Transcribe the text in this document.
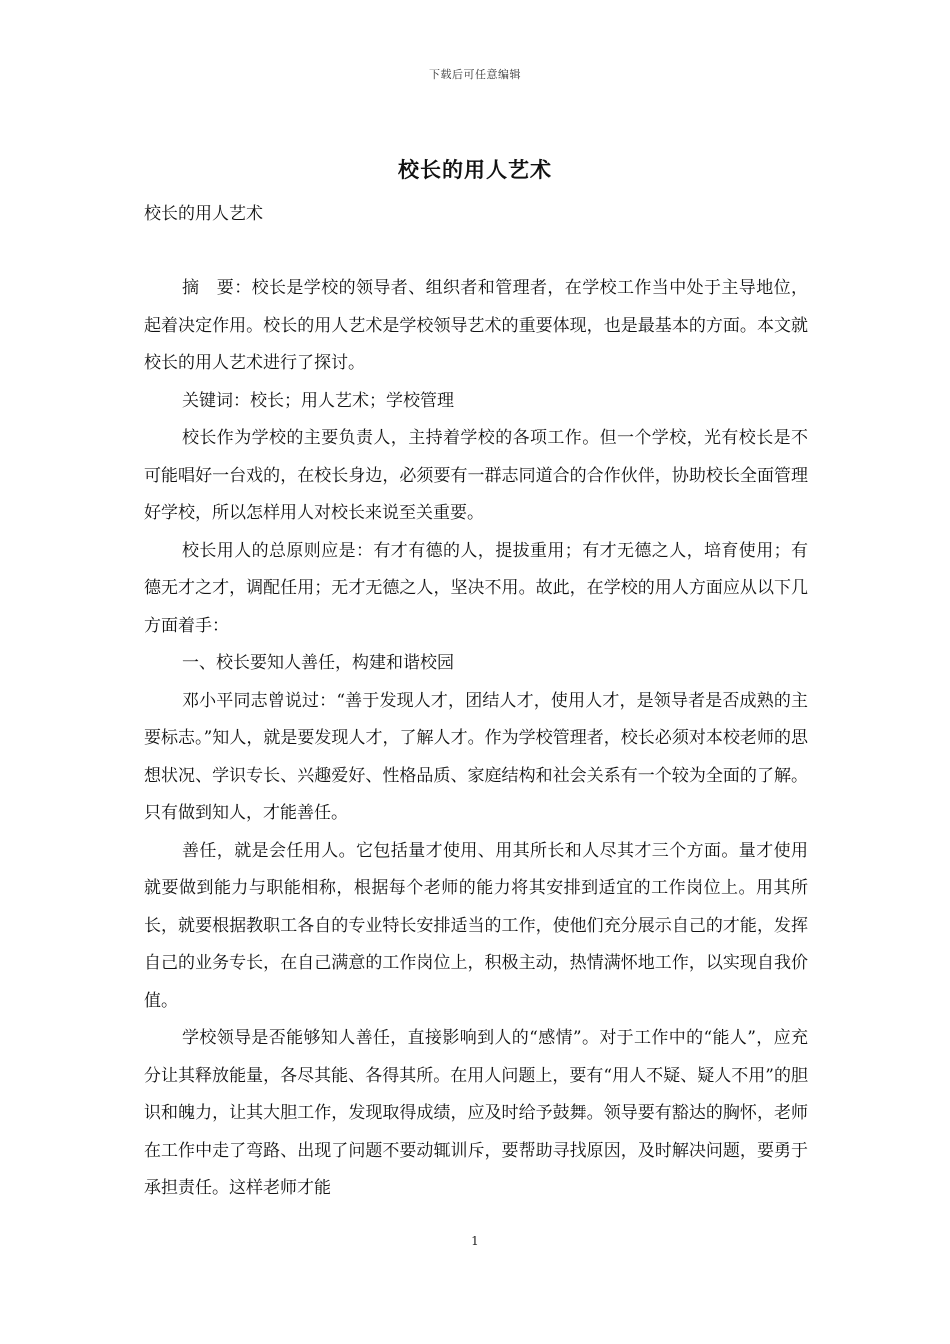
下载后可任意编辑
校长的用人艺术
校长的用人艺术

摘　要：校长是学校的领导者、组织者和管理者，在学校工作当中处于主导地位，起着决定作用。校长的用人艺术是学校领导艺术的重要体现，也是最基本的方面。本文就校长的用人艺术进行了探讨。

关键词：校长；用人艺术；学校管理

校长作为学校的主要负责人，主持着学校的各项工作。但一个学校，光有校长是不可能唱好一台戏的，在校长身边，必须要有一群志同道合的合作伙伴，协助校长全面管理好学校，所以怎样用人对校长来说至关重要。

校长用人的总原则应是：有才有德的人，提拔重用；有才无德之人，培育使用；有德无才之才，调配任用；无才无德之人，坚决不用。故此，在学校的用人方面应从以下几方面着手：

一、校长要知人善任，构建和谐校园

邓小平同志曾说过：“善于发现人才，团结人才，使用人才，是领导者是否成熟的主要标志。”知人，就是要发现人才，了解人才。作为学校管理者，校长必须对本校老师的思想状况、学识专长、兴趣爱好、性格品质、家庭结构和社会关系有一个较为全面的了解。只有做到知人，才能善任。

善任，就是会任用人。它包括量才使用、用其所长和人尽其才三个方面。量才使用就要做到能力与职能相称，根据每个老师的能力将其安排到适宜的工作岗位上。用其所长，就要根据教职工各自的专业特长安排适当的工作，使他们充分展示自己的才能，发挥自己的业务专长，在自己满意的工作岗位上，积极主动，热情满怀地工作，以实现自我价值。

学校领导是否能够知人善任，直接影响到人的“感情”。对于工作中的“能人”，应充分让其释放能量，各尽其能、各得其所。在用人问题上，要有“用人不疑、疑人不用”的胆识和魄力，让其大胆工作，发现取得成绩，应及时给予鼓舞。领导要有豁达的胸怀，老师在工作中走了弯路、出现了问题不要动辄训斥，要帮助寻找原因，及时解决问题，要勇于承担责任。这样老师才能

1
